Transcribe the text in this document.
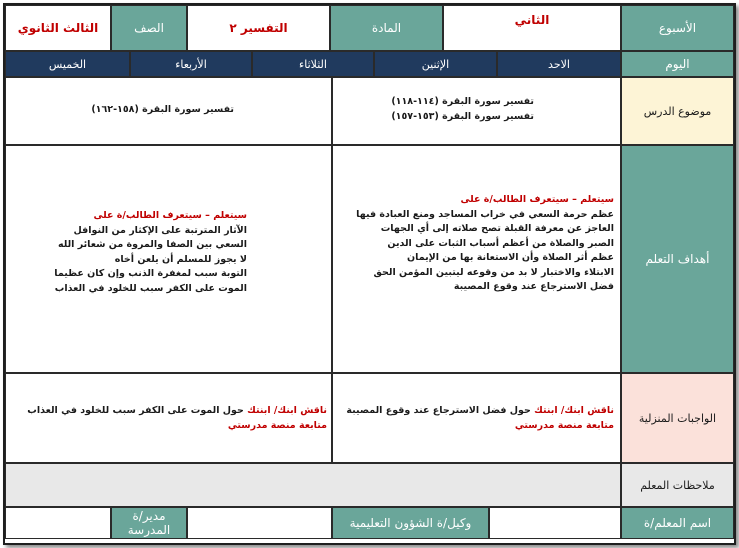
الأسبوع
الثاني
المادة
التفسير ٢
الصف
الثالث الثانوي
اليوم
الاحد
الإثنين
الثلاثاء
الأربعاء
الخميس
موضوع الدرس
تفسير سورة البقرة (١١٤-١١٨)
تفسير سورة البقرة (١٥٣-١٥٧)
تفسير سورة البقرة (١٥٨-١٦٢)
أهداف التعلم
سيتعلم – سيتعرف الطالب/ة على
عظم حرمة السعي في خراب المساجد ومنع العبادة فيها
العاجز عن معرفة القبلة تصح صلاته إلى أي الجهات
الصبر والصلاة من أعظم أسباب الثبات على الدين
عظم أثر الصلاة وأن الاستعانة بها من الإيمان
الابتلاء والاختبار لا بد من وقوعه ليتبين المؤمن الحق
فضل الاسترجاع عند وقوع المصيبة
سيتعلم – سيتعرف الطالب/ة على
الآثار المترتبة على الإكثار من النوافل
السعي بين الصفا والمروة من شعائر الله
لا يجوز للمسلم أن يلعن أخاه
التوبة سبب لمغفرة الذنب وإن كان عظيما
الموت على الكفر سبب للخلود في العذاب
الواجبات المنزلية
ناقش ابنك/ ابنتك حول فضل الاسترجاع عند وقوع المصيبة
متابعة منصة مدرستي
ناقش ابنك/ ابنتك حول الموت على الكفر سبب للخلود في العذاب
متابعة منصة مدرستي
ملاحظات المعلم
اسم المعلم/ة
وكيل/ة الشؤون التعليمية
مدير/ة المدرسة
